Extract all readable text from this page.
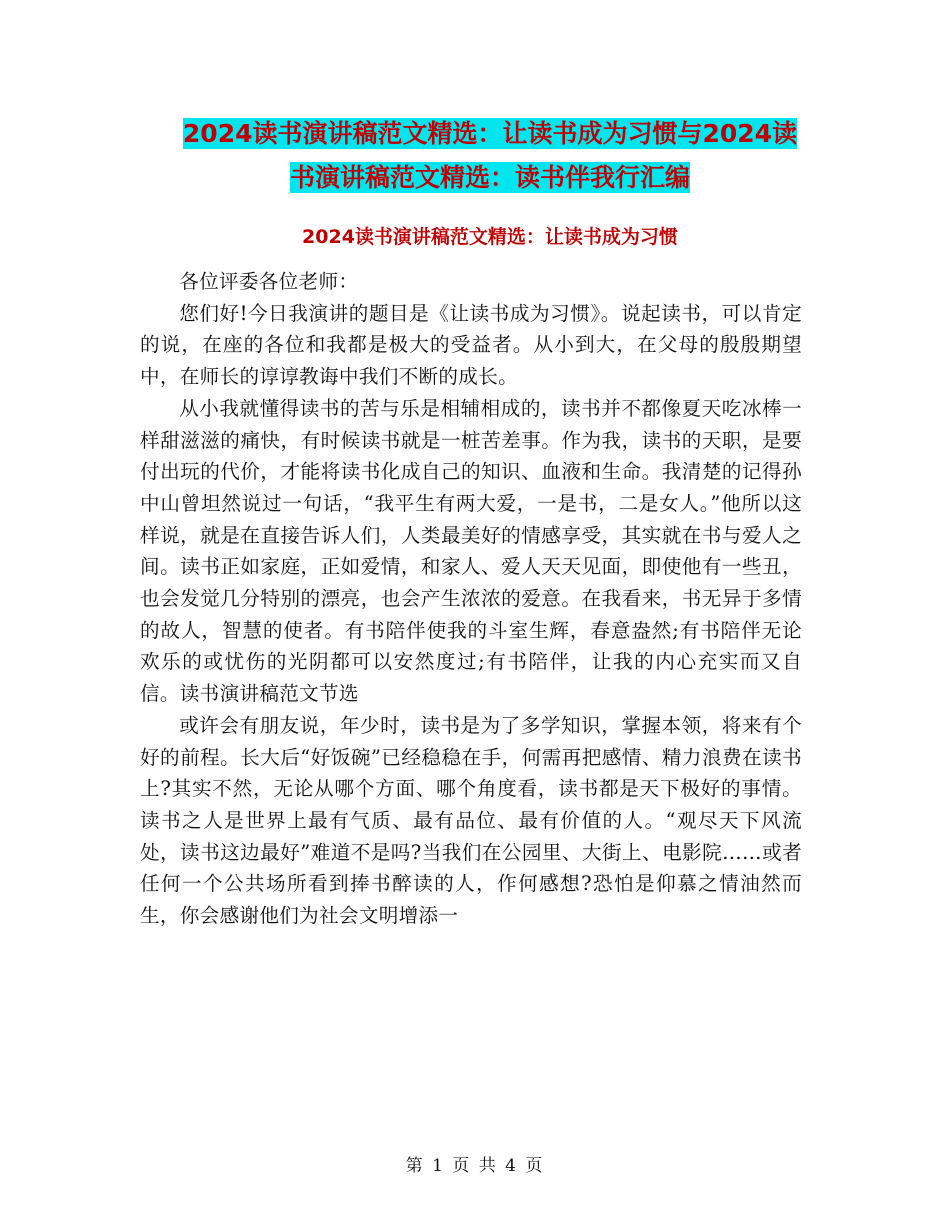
2024读书演讲稿范文精选：让读书成为习惯与2024读
书演讲稿范文精选：读书伴我行汇编
2024读书演讲稿范文精选：让读书成为习惯

各位评委各位老师：

您们好!今日我演讲的题目是《让读书成为习惯》。说起读书，可以肯定的说，在座的各位和我都是极大的受益者。从小到大，在父母的殷殷期望中，在师长的谆谆教诲中我们不断的成长。

从小我就懂得读书的苦与乐是相辅相成的，读书并不都像夏天吃冰棒一样甜滋滋的痛快，有时候读书就是一桩苦差事。作为我，读书的天职，是要付出玩的代价，才能将读书化成自己的知识、血液和生命。我清楚的记得孙中山曾坦然说过一句话，“我平生有两大爱，一是书，二是女人。”他所以这样说，就是在直接告诉人们，人类最美好的情感享受，其实就在书与爱人之间。读书正如家庭，正如爱情，和家人、爱人天天见面，即使他有一些丑，也会发觉几分特别的漂亮，也会产生浓浓的爱意。在我看来，书无异于多情的故人，智慧的使者。有书陪伴使我的斗室生辉，春意盎然;有书陪伴无论欢乐的或忧伤的光阴都可以安然度过;有书陪伴，让我的内心充实而又自信。读书演讲稿范文节选

或许会有朋友说，年少时，读书是为了多学知识，掌握本领，将来有个好的前程。长大后“好饭碗”已经稳稳在手，何需再把感情、精力浪费在读书上?其实不然，无论从哪个方面、哪个角度看，读书都是天下极好的事情。读书之人是世界上最有气质、最有品位、最有价值的人。“观尽天下风流处，读书这边最好”难道不是吗?当我们在公园里、大街上、电影院……或者任何一个公共场所看到捧书醉读的人，作何感想?恐怕是仰慕之情油然而生，你会感谢他们为社会文明增添一

第 1 页 共 4 页
